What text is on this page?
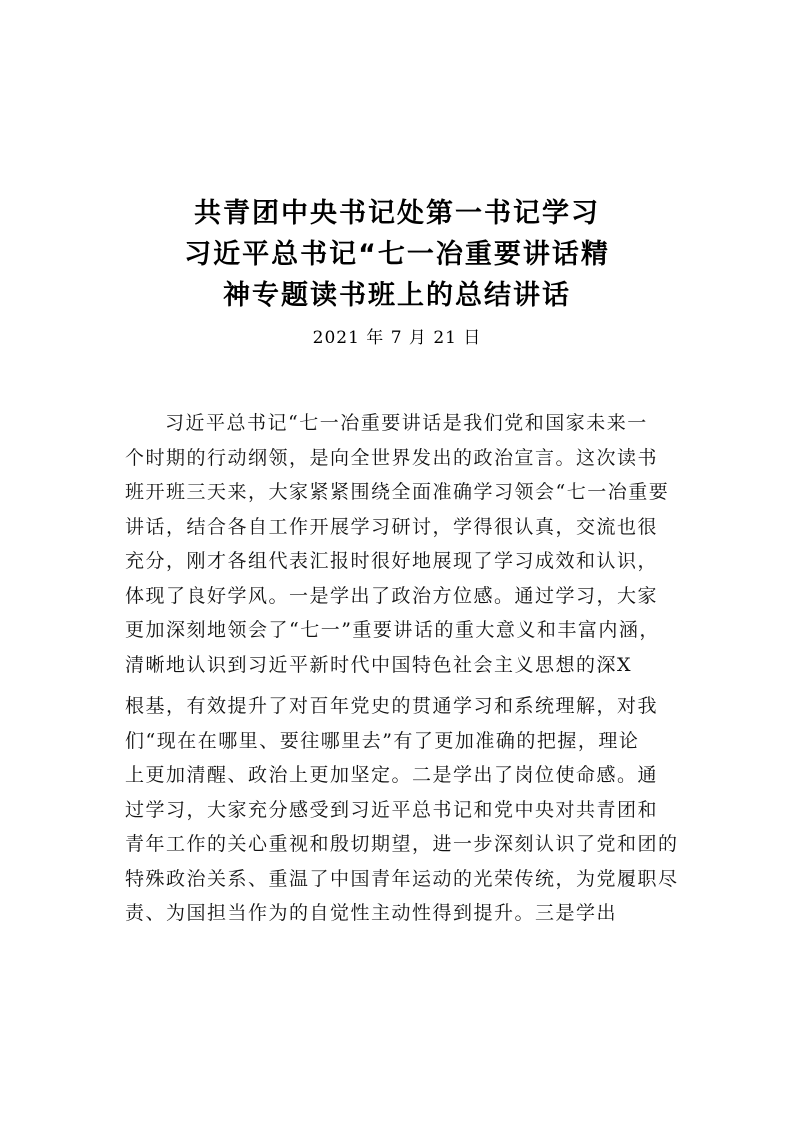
共青团中央书记处第一书记学习
习近平总书记“七一冶重要讲话精
神专题读书班上的总结讲话
2021 年 7 月 21 日
习近平总书记“七一冶重要讲话是我们党和国家未来一
个时期的行动纲领，是向全世界发出的政治宣言。这次读书
班开班三天来，大家紧紧围绕全面准确学习领会“七一冶重要
讲话，结合各自工作开展学习研讨，学得很认真，交流也很
充分，刚才各组代表汇报时很好地展现了学习成效和认识，
体现了良好学风。一是学出了政治方位感。通过学习，大家
更加深刻地领会了“七一”重要讲话的重大意义和丰富内涵，
清晰地认识到习近平新时代中国特色社会主义思想的深X
根基，有效提升了对百年党史的贯通学习和系统理解，对我
们“现在在哪里、要往哪里去”有了更加准确的把握，理论
上更加清醒、政治上更加坚定。二是学出了岗位使命感。通
过学习，大家充分感受到习近平总书记和党中央对共青团和
青年工作的关心重视和殷切期望，进一步深刻认识了党和团的
特殊政治关系、重温了中国青年运动的光荣传统，为党履职尽
责、为国担当作为的自觉性主动性得到提升。三是学出
